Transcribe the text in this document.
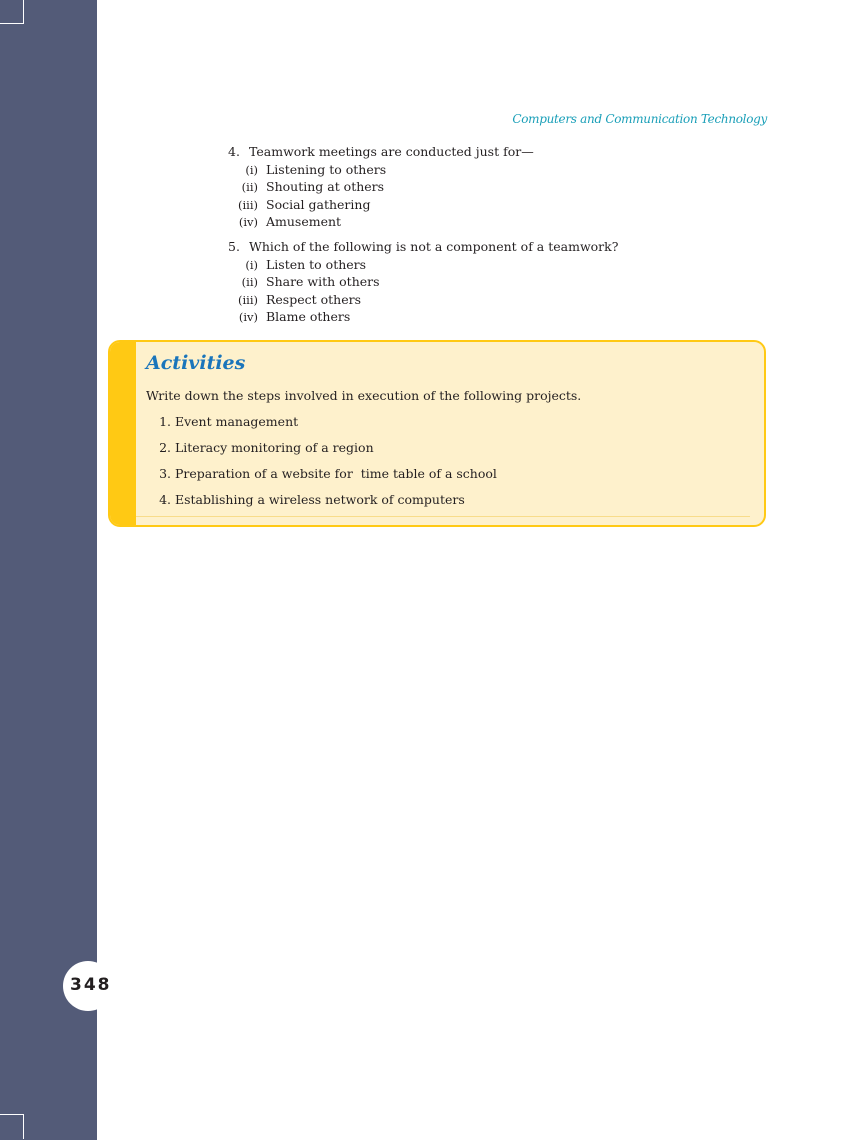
348
Computers and Communication Technology
4. Teamwork meetings are conducted just for—
(i) Listening to others
(ii) Shouting at others
(iii) Social gathering
(iv) Amusement
5. Which of the following is not a component of a teamwork?
(i) Listen to others
(ii) Share with others
(iii) Respect others
(iv) Blame others
Activities
Write down the steps involved in execution of the following projects.
1. Event management
2. Literacy monitoring of a region
3. Preparation of a website for  time table of a school
4. Establishing a wireless network of computers
